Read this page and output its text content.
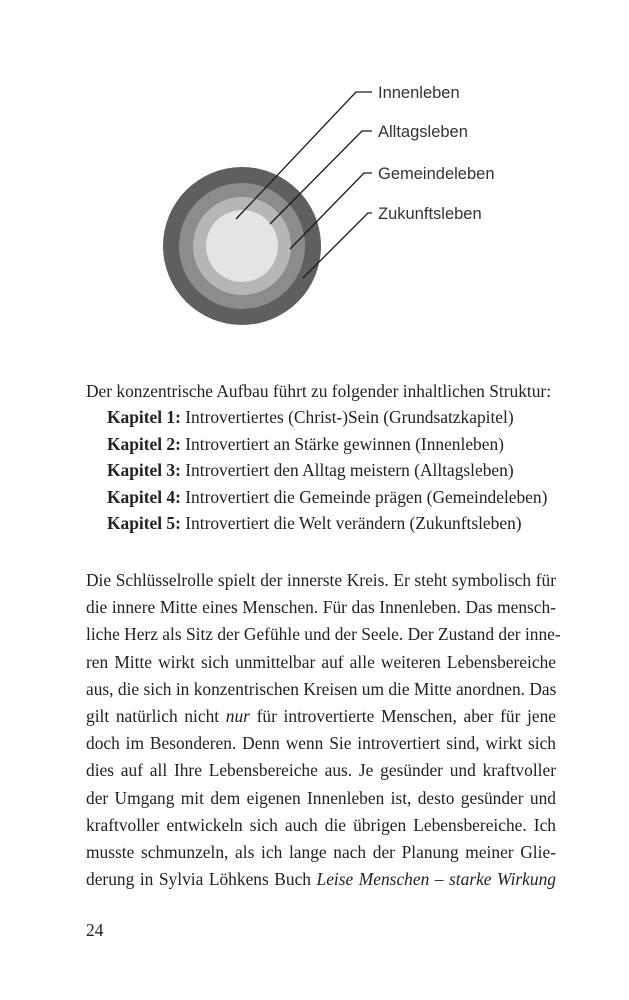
Innenleben
Alltagsleben
Gemeindeleben
Zukunftsleben

Der konzentrische Aufbau führt zu folgender inhaltlichen Struktur:

Kapitel 1: Introvertiertes (Christ-)Sein (Grundsatzkapitel)
Kapitel 2: Introvertiert an Stärke gewinnen (Innenleben)
Kapitel 3: Introvertiert den Alltag meistern (Alltagsleben)
Kapitel 4: Introvertiert die Gemeinde prägen (Gemeindeleben)
Kapitel 5: Introvertiert die Welt verändern (Zukunftsleben)
Die Schlüsselrolle spielt der innerste Kreis. Er steht symbolisch für
die innere Mitte eines Menschen. Für das Innenleben. Das mensch-
liche Herz als Sitz der Gefühle und der Seele. Der Zustand der inne-
ren Mitte wirkt sich unmittelbar auf alle weiteren Lebensbereiche
aus, die sich in konzentrischen Kreisen um die Mitte anordnen. Das
gilt natürlich nicht nur für introvertierte Menschen, aber für jene
doch im Besonderen. Denn wenn Sie introvertiert sind, wirkt sich
dies auf all Ihre Lebensbereiche aus. Je gesünder und kraftvoller
der Umgang mit dem eigenen Innenleben ist, desto gesünder und
kraftvoller entwickeln sich auch die übrigen Lebensbereiche. Ich
musste schmunzeln, als ich lange nach der Planung meiner Glie-
derung in Sylvia Löhkens Buch Leise Menschen – starke Wirkung
24
